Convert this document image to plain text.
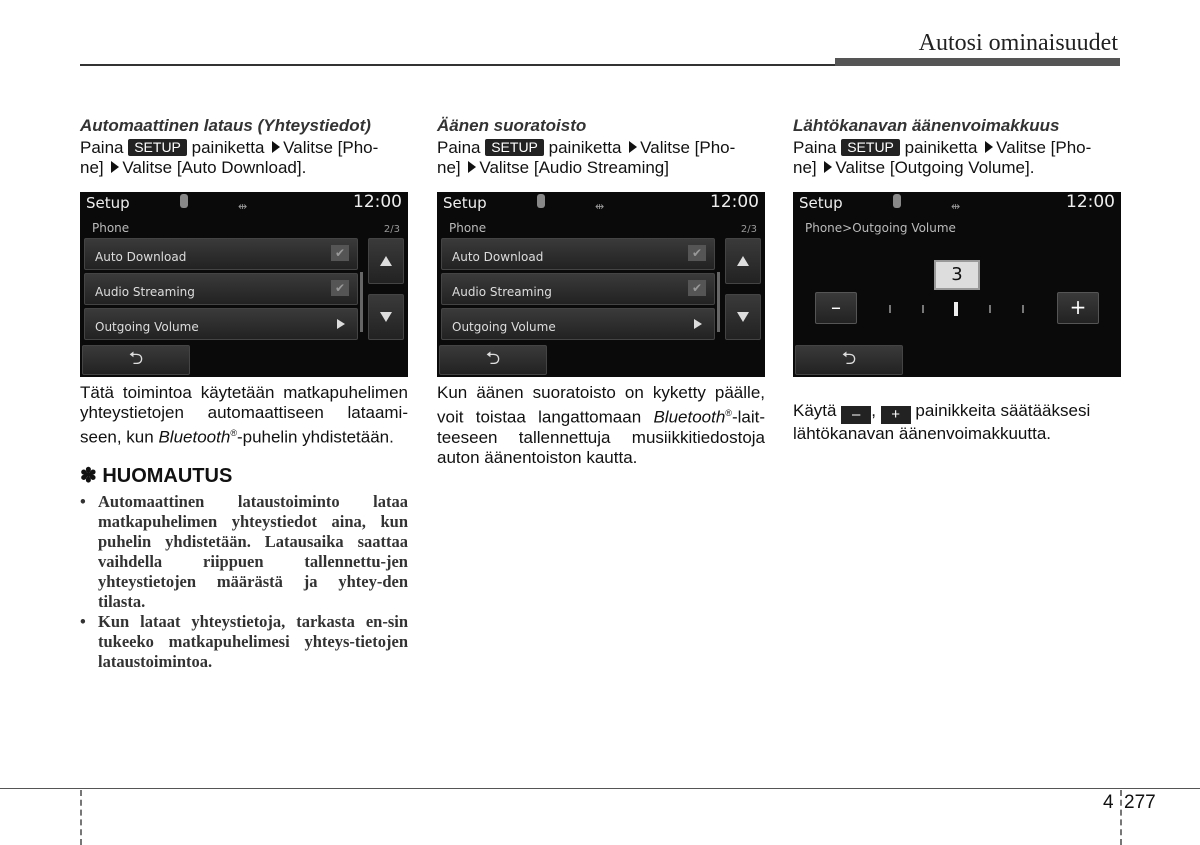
Autosi ominaisuudet
Automaattinen lataus (Yhteystiedot)
Paina SETUP painiketta Valitse [Pho-
ne] Valitse [Auto Download].
Setup	⇹	12:00
Phone	2/3
Auto Download	✔
Audio Streaming	✔
Outgoing Volume
⮌
Tätä toimintoa käytetään matkapuhelimen yhteystietojen automaattiseen lataami-seen, kun Bluetooth®-puhelin yhdistetään.
✽ HUOMAUTUS
• Automaattinen lataustoiminto lataa matkapuhelimen yhteystiedot aina, kun puhelin yhdistetään. Latausaika saattaa vaihdella riippuen tallennettu-jen yhteystietojen määrästä ja yhtey-den tilasta.
• Kun lataat yhteystietoja, tarkasta en-sin tukeeko matkapuhelimesi yhteys-tietojen lataustoimintoa.
Äänen suoratoisto
Paina SETUP painiketta Valitse [Pho-
ne] Valitse [Audio Streaming]
Setup	⇹	12:00
Phone	2/3
Auto Download	✔
Audio Streaming	✔
Outgoing Volume
⮌
Kun äänen suoratoisto on kyketty päälle, voit toistaa langattomaan Bluetooth®-lait-teeseen tallennettuja musiikkitiedostoja auton äänentoiston kautta.
Lähtökanavan äänenvoimakkuus
Paina SETUP painiketta Valitse [Pho-
ne] Valitse [Outgoing Volume].
Setup	⇹	12:00
Phone>Outgoing Volume
3
–	+
⮌
Käytä – , + painikkeita säätääksesi lähtökanavan äänenvoimakkuutta.
4 277
